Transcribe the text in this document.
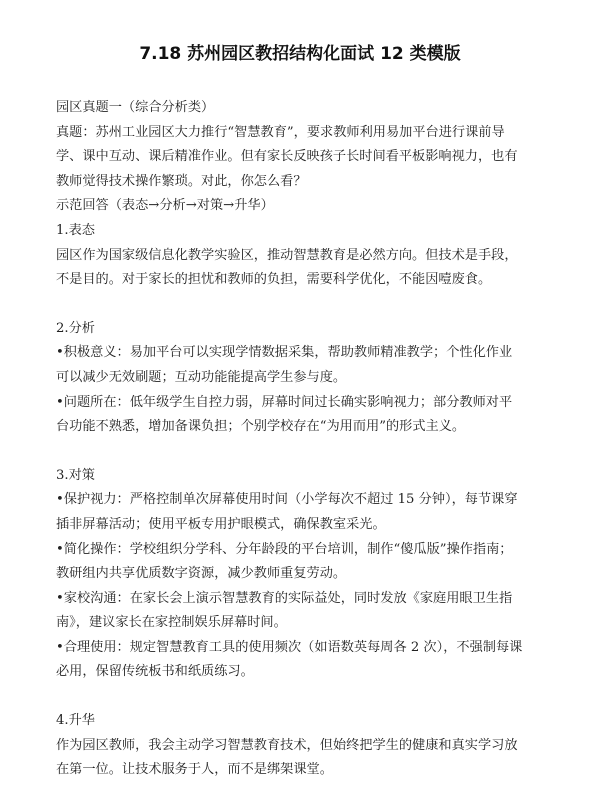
7.18 苏州园区教招结构化面试 12 类模版
园区真题一（综合分析类）
真题：苏州工业园区大力推行“智慧教育”，要求教师利用易加平台进行课前导
学、课中互动、课后精准作业。但有家长反映孩子长时间看平板影响视力，也有
教师觉得技术操作繁琐。对此，你怎么看？
示范回答（表态→分析→对策→升华）
1.表态
园区作为国家级信息化教学实验区，推动智慧教育是必然方向。但技术是手段，
不是目的。对于家长的担忧和教师的负担，需要科学优化，不能因噎废食。
2.分析
•积极意义：易加平台可以实现学情数据采集，帮助教师精准教学；个性化作业
可以减少无效刷题；互动功能能提高学生参与度。
•问题所在：低年级学生自控力弱，屏幕时间过长确实影响视力；部分教师对平
台功能不熟悉，增加备课负担；个别学校存在“为用而用”的形式主义。
3.对策
•保护视力：严格控制单次屏幕使用时间（小学每次不超过 15 分钟），每节课穿
插非屏幕活动；使用平板专用护眼模式，确保教室采光。
•简化操作：学校组织分学科、分年龄段的平台培训，制作“傻瓜版”操作指南；
教研组内共享优质数字资源，减少教师重复劳动。
•家校沟通：在家长会上演示智慧教育的实际益处，同时发放《家庭用眼卫生指
南》，建议家长在家控制娱乐屏幕时间。
•合理使用：规定智慧教育工具的使用频次（如语数英每周各 2 次），不强制每课
必用，保留传统板书和纸质练习。
4.升华
作为园区教师，我会主动学习智慧教育技术，但始终把学生的健康和真实学习放
在第一位。让技术服务于人，而不是绑架课堂。
